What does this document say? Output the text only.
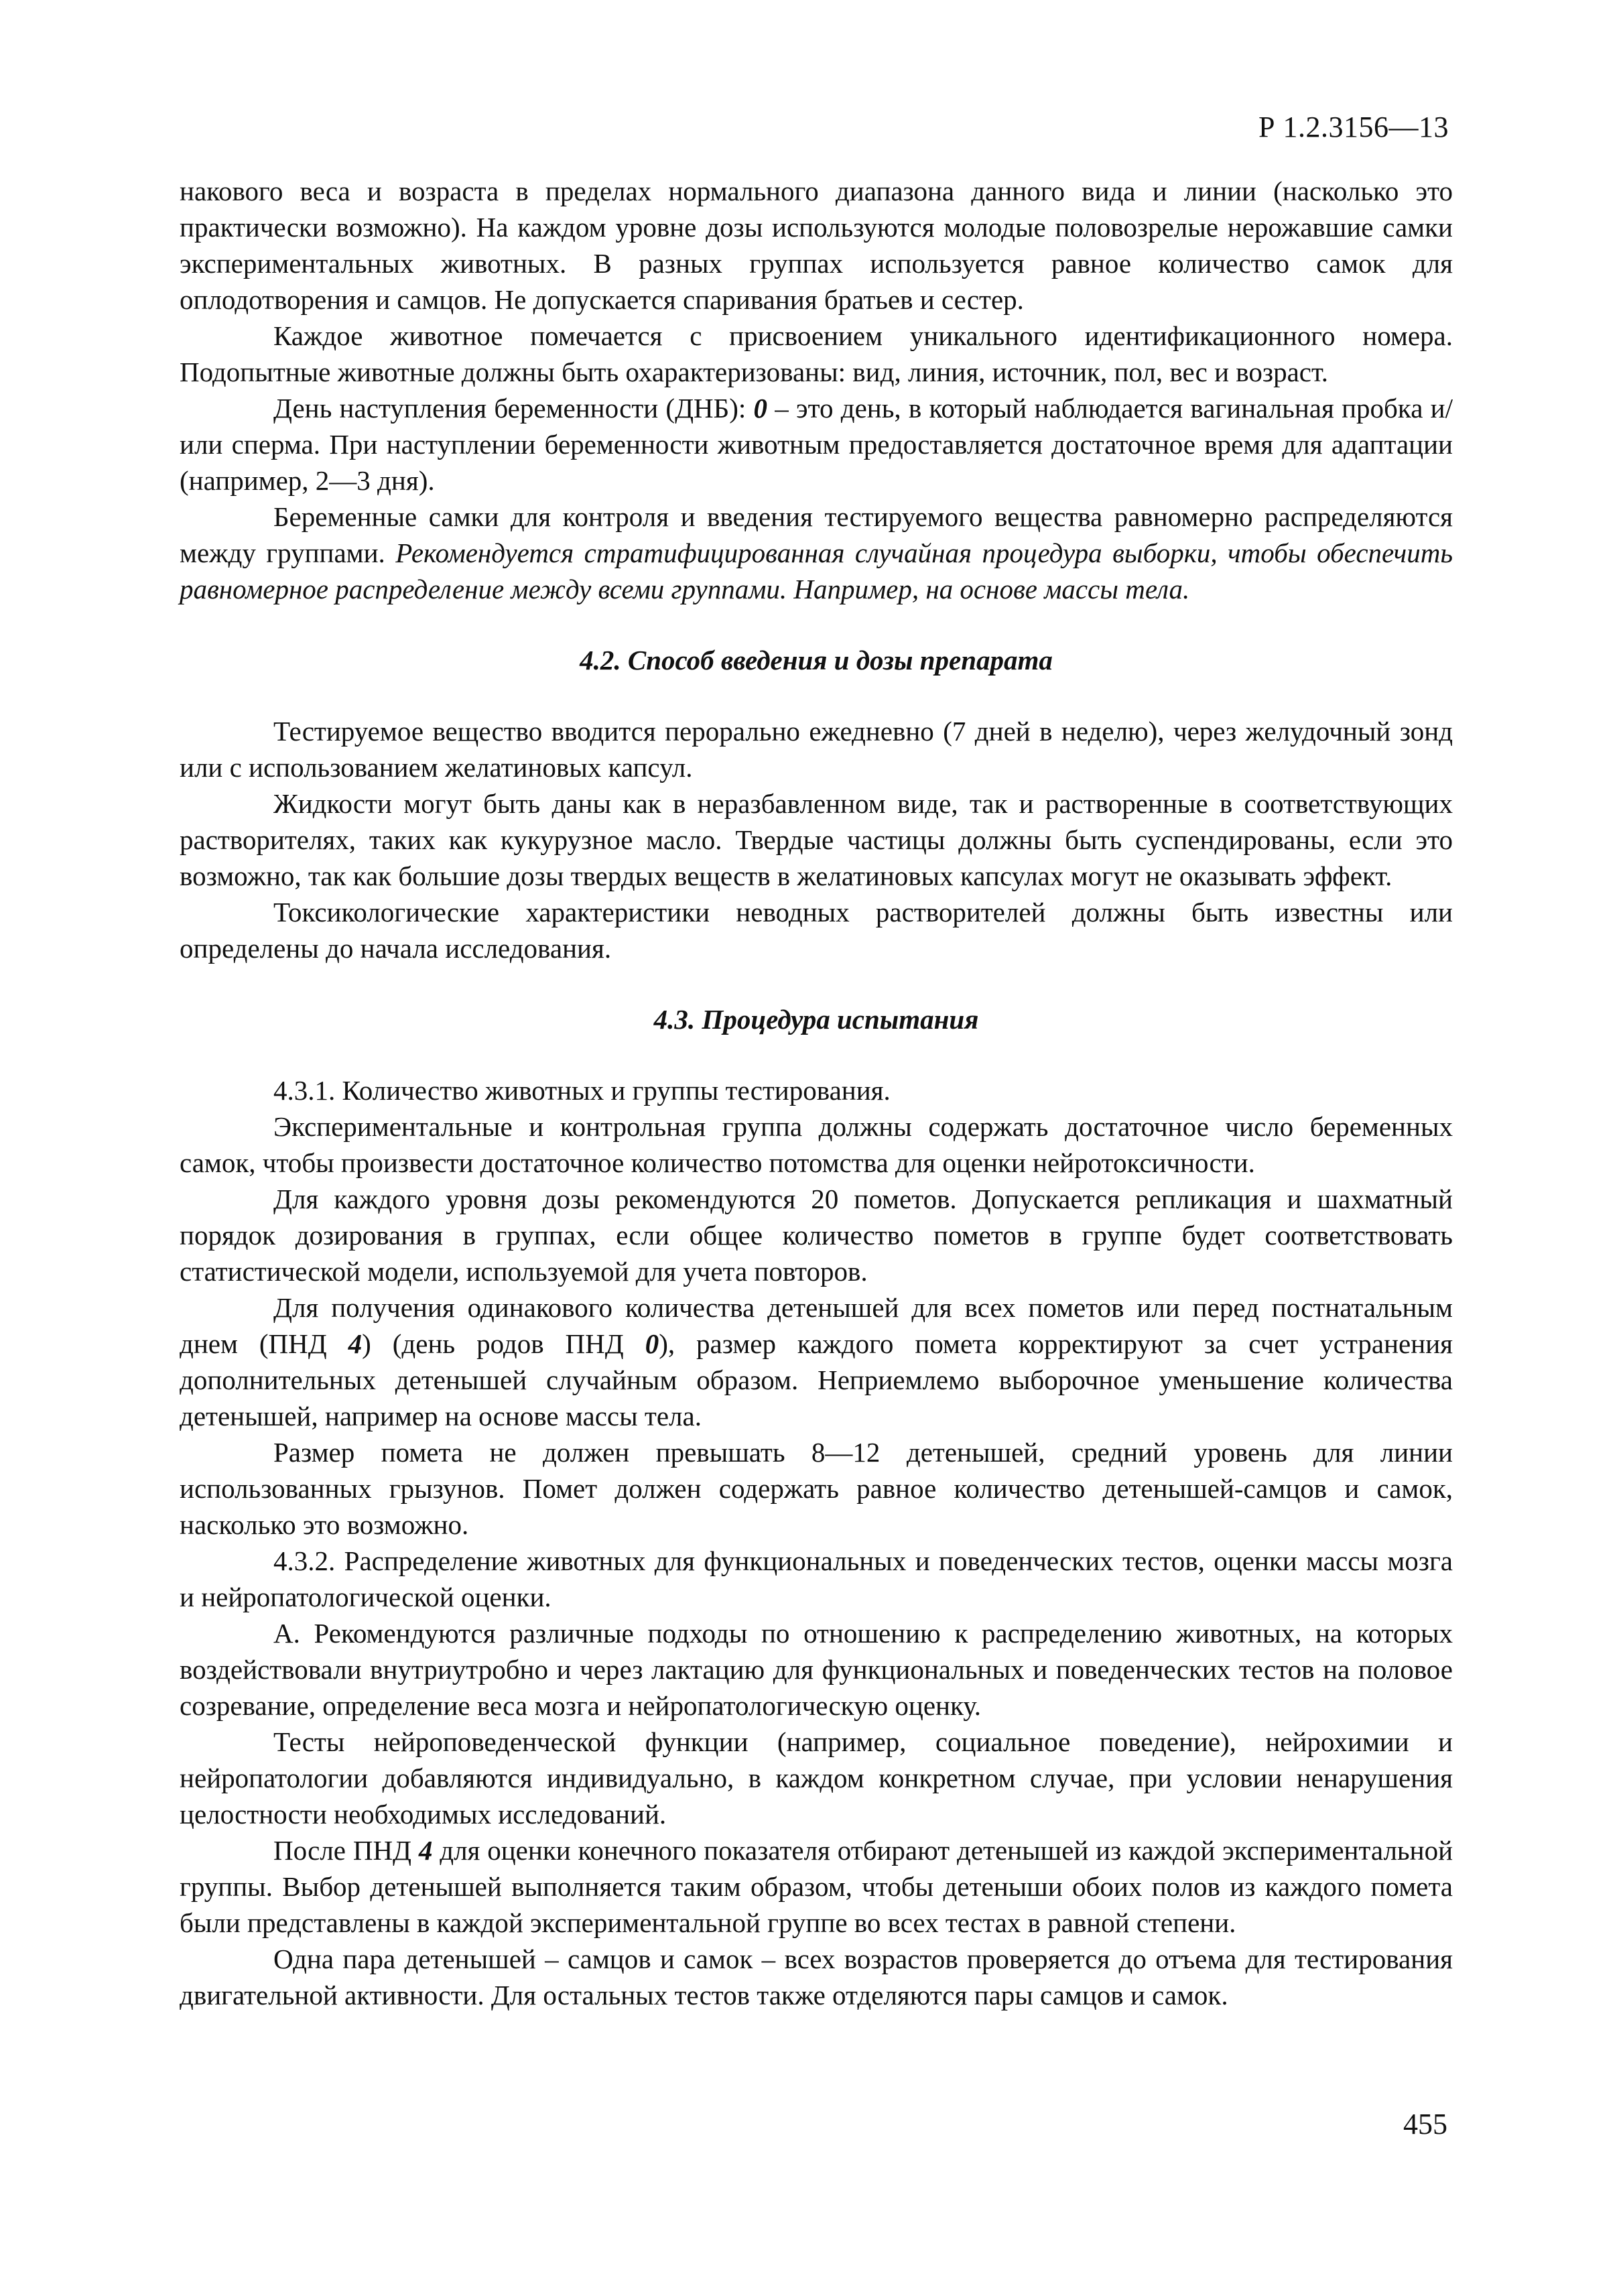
Р 1.2.3156—13

накового веса и возраста в пределах нормального диапазона данного вида и линии (насколько это практически возможно). На каждом уровне дозы используются молодые половозрелые нерожавшие самки экспериментальных животных. В разных группах используется равное количество самок для оплодотворения и самцов. Не допускается спаривания братьев и сестер.

Каждое животное помечается с присвоением уникального идентификационного номера. Подопытные животные должны быть охарактеризованы: вид, линия, источник, пол, вес и возраст.

День наступления беременности (ДНБ): 0 – это день, в который наблюдается вагинальная пробка и/или сперма. При наступлении беременности животным предоставляется достаточное время для адаптации (например, 2—3 дня).

Беременные самки для контроля и введения тестируемого вещества равномерно распределяются между группами. Рекомендуется стратифицированная случайная процедура выборки, чтобы обеспечить равномерное распределение между всеми группами. Например, на основе массы тела.

4.2. Способ введения и дозы препарата

Тестируемое вещество вводится перорально ежедневно (7 дней в неделю), через желудочный зонд или с использованием желатиновых капсул.

Жидкости могут быть даны как в неразбавленном виде, так и растворенные в соответствующих растворителях, таких как кукурузное масло. Твердые частицы должны быть суспендированы, если это возможно, так как большие дозы твердых веществ в желатиновых капсулах могут не оказывать эффект.

Токсикологические характеристики неводных растворителей должны быть известны или определены до начала исследования.

4.3. Процедура испытания

4.3.1. Количество животных и группы тестирования.

Экспериментальные и контрольная группа должны содержать достаточное число беременных самок, чтобы произвести достаточное количество потомства для оценки нейротоксичности.

Для каждого уровня дозы рекомендуются 20 пометов. Допускается репликация и шахматный порядок дозирования в группах, если общее количество пометов в группе будет соответствовать статистической модели, используемой для учета повторов.

Для получения одинакового количества детенышей для всех пометов или перед постнатальным днем (ПНД 4) (день родов ПНД 0), размер каждого помета корректируют за счет устранения дополнительных детенышей случайным образом. Неприемлемо выборочное уменьшение количества детенышей, например на основе массы тела.

Размер помета не должен превышать 8—12 детенышей, средний уровень для линии использованных грызунов. Помет должен содержать равное количество детенышей-самцов и самок, насколько это возможно.

4.3.2. Распределение животных для функциональных и поведенческих тестов, оценки массы мозга и нейропатологической оценки.

А. Рекомендуются различные подходы по отношению к распределению животных, на которых воздействовали внутриутробно и через лактацию для функциональных и поведенческих тестов на половое созревание, определение веса мозга и нейропатологическую оценку.

Тесты нейроповеденческой функции (например, социальное поведение), нейрохимии и нейропатологии добавляются индивидуально, в каждом конкретном случае, при условии ненарушения целостности необходимых исследований.

После ПНД 4 для оценки конечного показателя отбирают детенышей из каждой экспериментальной группы. Выбор детенышей выполняется таким образом, чтобы детеныши обоих полов из каждого помета были представлены в каждой экспериментальной группе во всех тестах в равной степени.

Одна пара детенышей – самцов и самок – всех возрастов проверяется до отъема для тестирования двигательной активности. Для остальных тестов также отделяются пары самцов и самок.

455
